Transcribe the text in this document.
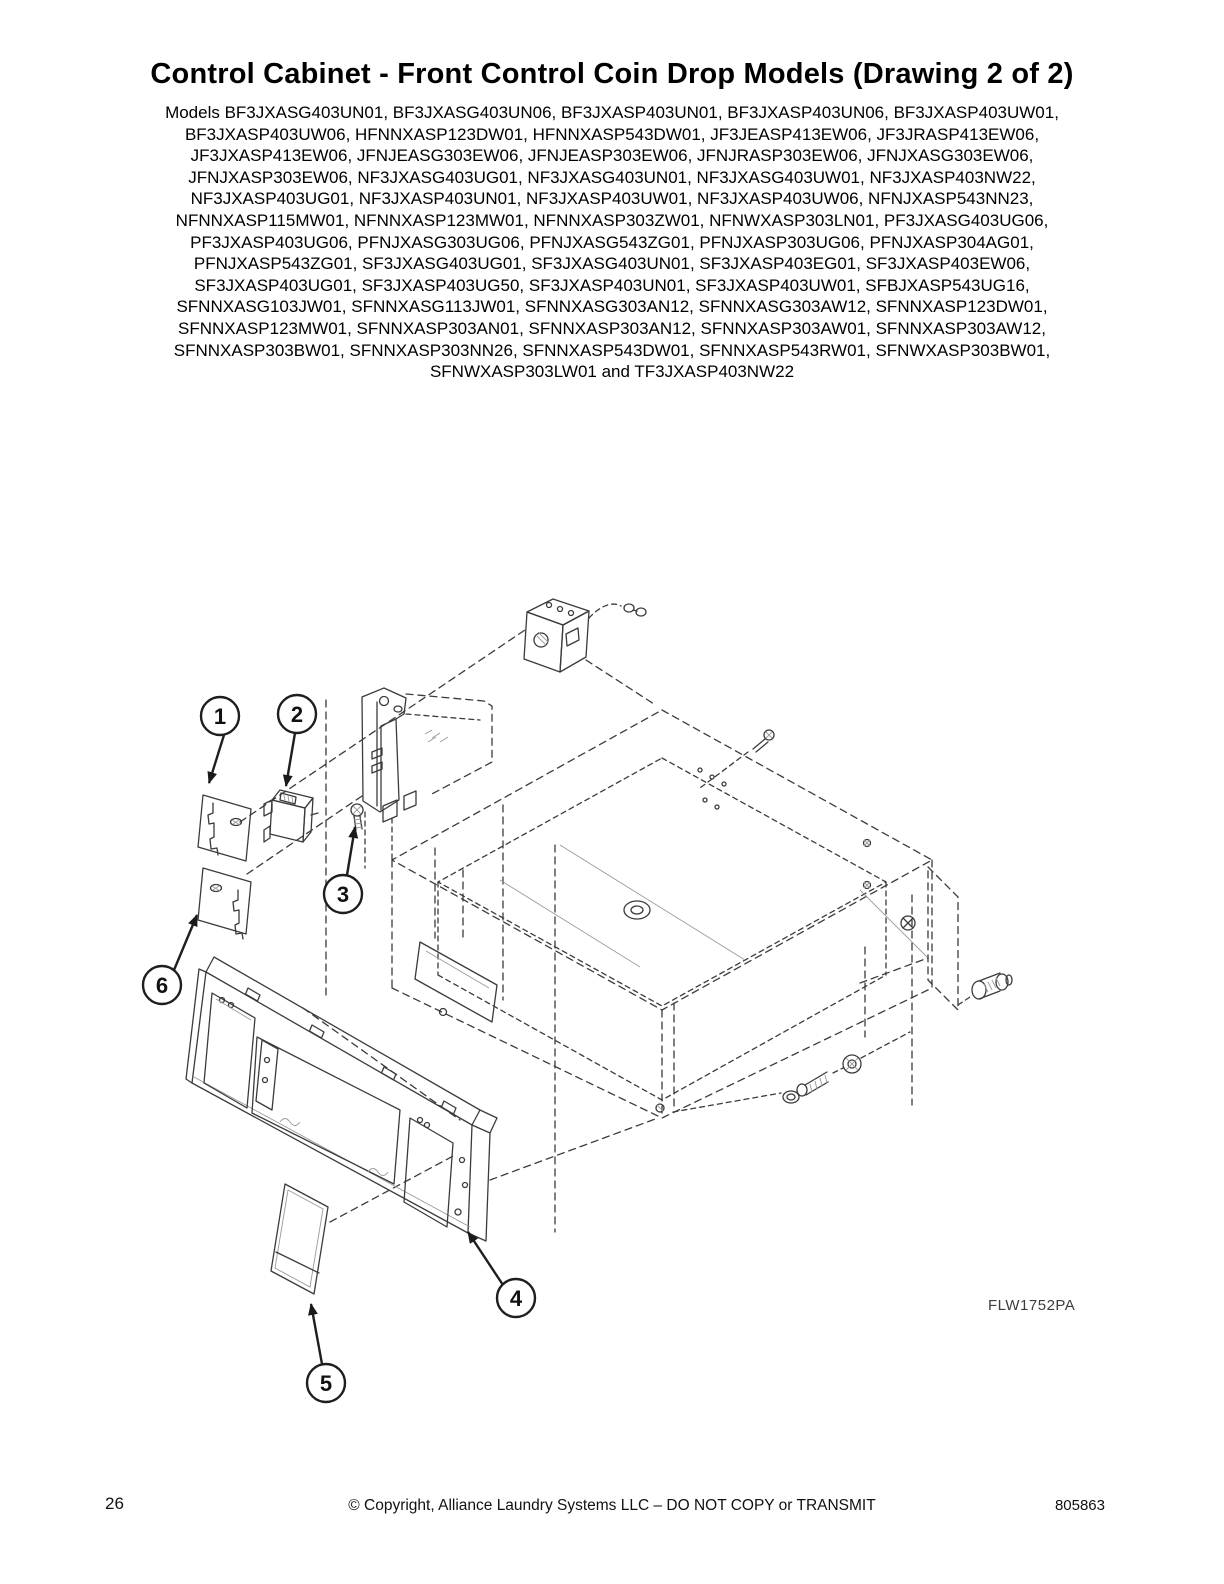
Control Cabinet - Front Control Coin Drop Models (Drawing 2 of 2)
Models BF3JXASG403UN01, BF3JXASG403UN06, BF3JXASP403UN01, BF3JXASP403UN06, BF3JXASP403UW01,
BF3JXASP403UW06, HFNNXASP123DW01, HFNNXASP543DW01, JF3JEASP413EW06, JF3JRASP413EW06,
JF3JXASP413EW06, JFNJEASG303EW06, JFNJEASP303EW06, JFNJRASP303EW06, JFNJXASG303EW06,
JFNJXASP303EW06, NF3JXASG403UG01, NF3JXASG403UN01, NF3JXASG403UW01, NF3JXASP403NW22,
NF3JXASP403UG01, NF3JXASP403UN01, NF3JXASP403UW01, NF3JXASP403UW06, NFNJXASP543NN23,
NFNNXASP115MW01, NFNNXASP123MW01, NFNNXASP303ZW01, NFNWXASP303LN01, PF3JXASG403UG06,
PF3JXASP403UG06, PFNJXASG303UG06, PFNJXASG543ZG01, PFNJXASP303UG06, PFNJXASP304AG01,
PFNJXASP543ZG01, SF3JXASG403UG01, SF3JXASG403UN01, SF3JXASP403EG01, SF3JXASP403EW06,
SF3JXASP403UG01, SF3JXASP403UG50, SF3JXASP403UN01, SF3JXASP403UW01, SFBJXASP543UG16,
SFNNXASG103JW01, SFNNXASG113JW01, SFNNXASG303AN12, SFNNXASG303AW12, SFNNXASP123DW01,
SFNNXASP123MW01, SFNNXASP303AN01, SFNNXASP303AN12, SFNNXASP303AW01, SFNNXASP303AW12,
SFNNXASP303BW01, SFNNXASP303NN26, SFNNXASP543DW01, SFNNXASP543RW01, SFNWXASP303BW01,
SFNWXASP303LW01 and TF3JXASP403NW22
1	2
3
4
5
6
FLW1752PA
26	© Copyright, Alliance Laundry Systems LLC – DO NOT COPY or TRANSMIT	805863
